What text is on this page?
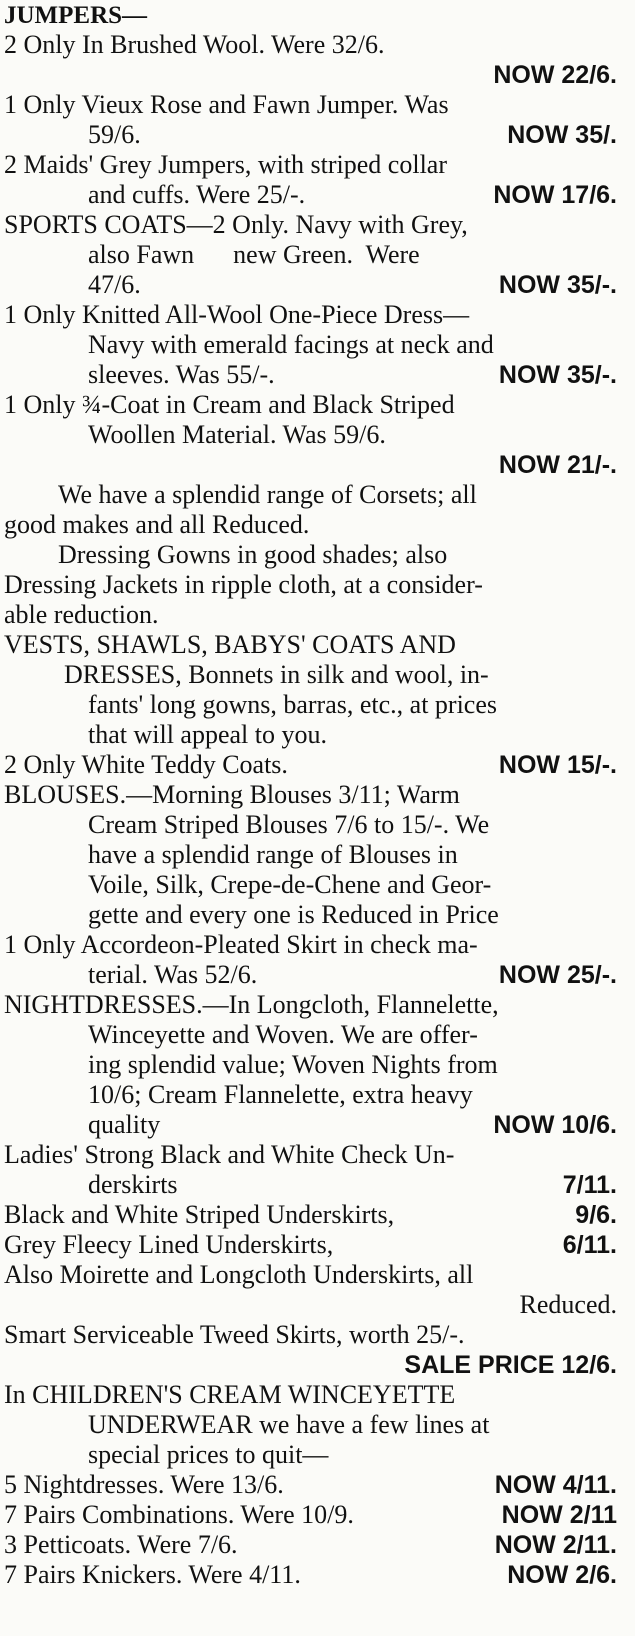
JUMPERS—
2 Only In Brushed Wool. Were 32/6.
NOW 22/6.
1 Only Vieux Rose and Fawn Jumper. Was
59/6.	NOW 35/.
2 Maids' Grey Jumpers, with striped collar
and cuffs. Were 25/-.	NOW 17/6.
SPORTS COATS—2 Only. Navy with Grey,
also Fawn      new Green.  Were
47/6.	NOW 35/-.
1 Only Knitted All-Wool One-Piece Dress—
Navy with emerald facings at neck and
sleeves. Was 55/-.	NOW 35/-.
1 Only ¾-Coat in Cream and Black Striped
Woollen Material. Was 59/6.
NOW 21/-.
We have a splendid range of Corsets; all
good makes and all Reduced.
Dressing Gowns in good shades; also
Dressing Jackets in ripple cloth, at a consider-
able reduction.
VESTS, SHAWLS, BABYS' COATS AND
DRESSES, Bonnets in silk and wool, in-
fants' long gowns, barras, etc., at prices
that will appeal to you.
2 Only White Teddy Coats.	NOW 15/-.
BLOUSES.—Morning Blouses 3/11; Warm
Cream Striped Blouses 7/6 to 15/-. We
have a splendid range of Blouses in
Voile, Silk, Crepe-de-Chene and Geor-
gette and every one is Reduced in Price
1 Only Accordeon-Pleated Skirt in check ma-
terial. Was 52/6.	NOW 25/-.
NIGHTDRESSES.—In Longcloth, Flannelette,
Winceyette and Woven. We are offer-
ing splendid value; Woven Nights from
10/6; Cream Flannelette, extra heavy
quality	NOW 10/6.
Ladies' Strong Black and White Check Un-
derskirts	7/11.
Black and White Striped Underskirts,	9/6.
Grey Fleecy Lined Underskirts,	6/11.
Also Moirette and Longcloth Underskirts, all
Reduced.
Smart Serviceable Tweed Skirts, worth 25/-.
SALE PRICE 12/6.
In CHILDREN'S CREAM WINCEYETTE
UNDERWEAR we have a few lines at
special prices to quit—
5 Nightdresses. Were 13/6.	NOW 4/11.
7 Pairs Combinations. Were 10/9.	NOW 2/11
3 Petticoats. Were 7/6.	NOW 2/11.
7 Pairs Knickers. Were 4/11.	NOW 2/6.
